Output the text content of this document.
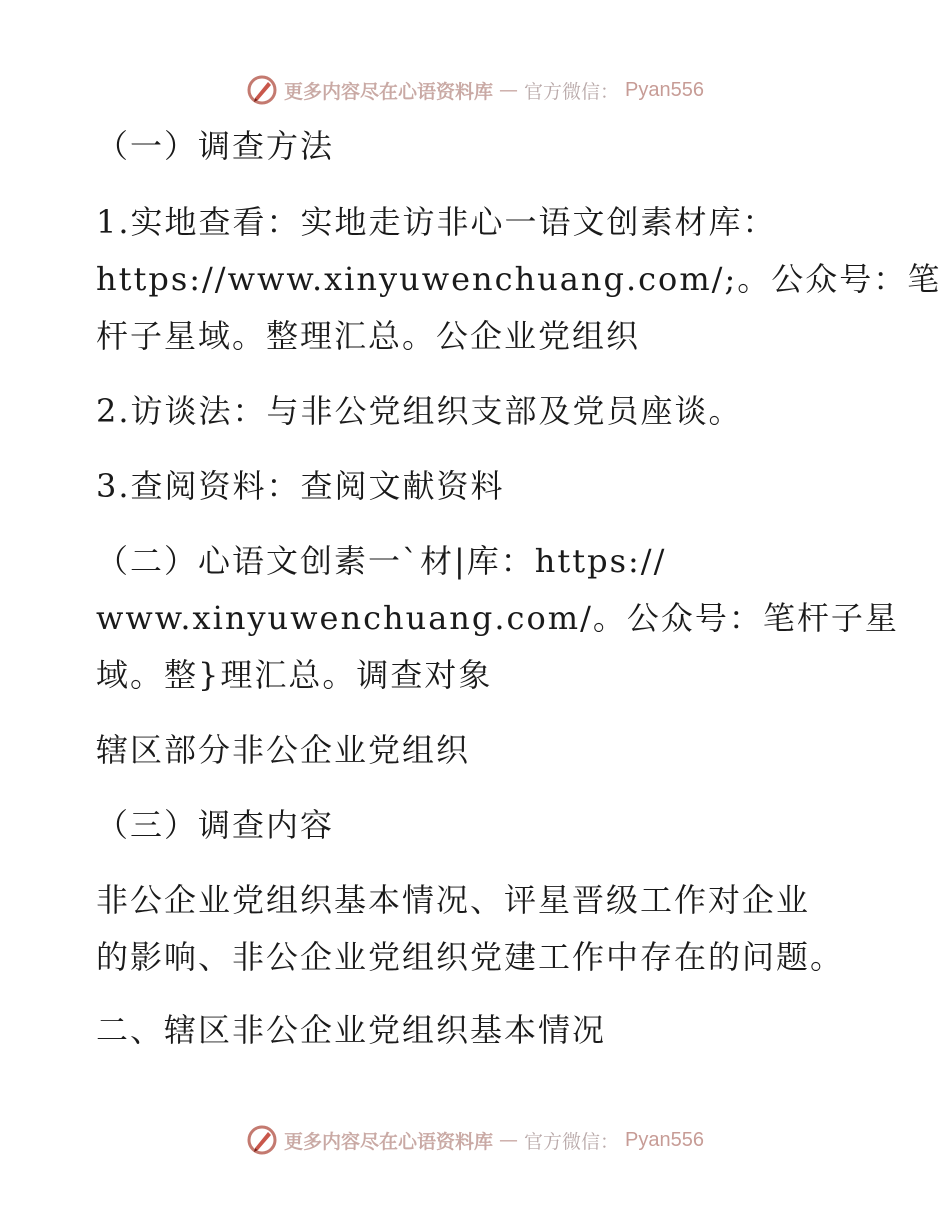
更多内容尽在心语资料库 — 官方微信： Pyan556
（一）调查方法
1.实地查看：实地走访非心一语文创素材库：
https://www.xinyuwenchuang.com/;。公众号：笔
杆子星域。整理汇总。公企业党组织
2.访谈法：与非公党组织支部及党员座谈。
3.查阅资料：查阅文献资料
（二）心语文创素一`材|库：https://
www.xinyuwenchuang.com/。公众号：笔杆子星
域。整}理汇总。调查对象
辖区部分非公企业党组织
（三）调查内容
非公企业党组织基本情况、评星晋级工作对企业
的影响、非公企业党组织党建工作中存在的问题。
二、辖区非公企业党组织基本情况
更多内容尽在心语资料库 — 官方微信： Pyan556
